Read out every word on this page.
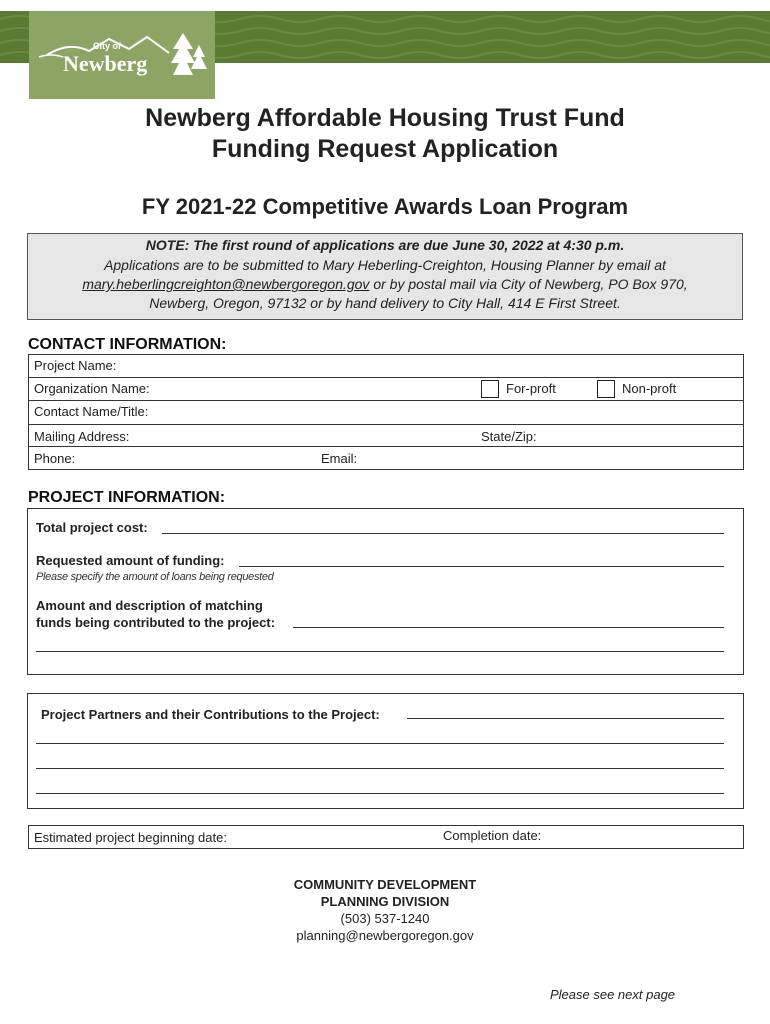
City of
Newberg
Newberg Affordable Housing Trust Fund
Funding Request Application
FY 2021-22 Competitive Awards Loan Program
NOTE: The first round of applications are due June 30, 2022 at 4:30 p.m.
Applications are to be submitted to Mary Heberling-Creighton, Housing Planner by email at
mary.heberlingcreighton@newbergoregon.gov or by postal mail via City of Newberg, PO Box 970,
Newberg, Oregon, 97132 or by hand delivery to City Hall, 414 E First Street.
CONTACT INFORMATION:
Project Name:
Organization Name:	For-proft	Non-proft
Contact Name/Title:
Mailing Address:	State/Zip:
Phone:	Email:
PROJECT INFORMATION:
Total project cost:
Requested amount of funding:
Please specify the amount of loans being requested
Amount and description of matching
funds being contributed to the project:
Project Partners and their Contributions to the Project:
Estimated project beginning date:	Completion date:
COMMUNITY DEVELOPMENT
PLANNING DIVISION
(503) 537-1240
planning@newbergoregon.gov
Please see next page
